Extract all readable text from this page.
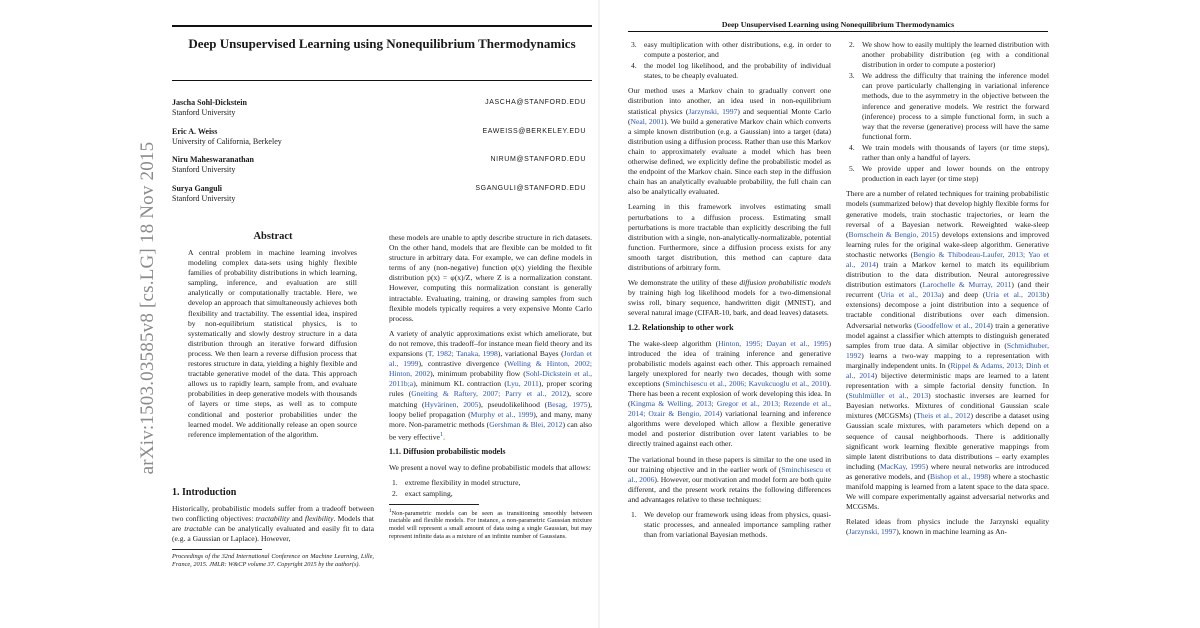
arXiv:1503.03585v8 [cs.LG] 18 Nov 2015
Deep Unsupervised Learning using Nonequilibrium Thermodynamics
Jascha Sohl-Dickstein
Stanford University
JASCHA@STANFORD.EDU
Eric A. Weiss
University of California, Berkeley
EAWEISS@BERKELEY.EDU
Niru Maheswaranathan
Stanford University
NIRUM@STANFORD.EDU
Surya Ganguli
Stanford University
SGANGULI@STANFORD.EDU
Abstract

A central problem in machine learning involves modeling complex data-sets using highly flexible families of probability distributions in which learning, sampling, inference, and evaluation are still analytically or computationally tractable. Here, we develop an approach that simultaneously achieves both flexibility and tractability. The essential idea, inspired by non-equilibrium statistical physics, is to systematically and slowly destroy structure in a data distribution through an iterative forward diffusion process. We then learn a reverse diffusion process that restores structure in data, yielding a highly flexible and tractable generative model of the data. This approach allows us to rapidly learn, sample from, and evaluate probabilities in deep generative models with thousands of layers or time steps, as well as to compute conditional and posterior probabilities under the learned model. We additionally release an open source reference implementation of the algorithm.

1. Introduction

Historically, probabilistic models suffer from a tradeoff between two conflicting objectives: tractability and flexibility. Models that are tractable can be analytically evaluated and easily fit to data (e.g. a Gaussian or Laplace). However,

Proceedings of the 32nd International Conference on Machine Learning, Lille, France, 2015. JMLR: W&CP volume 37. Copyright 2015 by the author(s).

these models are unable to aptly describe structure in rich datasets. On the other hand, models that are flexible can be molded to fit structure in arbitrary data. For example, we can define models in terms of any (non-negative) function φ(x) yielding the flexible distribution p(x) = φ(x)/Z, where Z is a normalization constant. However, computing this normalization constant is generally intractable. Evaluating, training, or drawing samples from such flexible models typically requires a very expensive Monte Carlo process.

A variety of analytic approximations exist which ameliorate, but do not remove, this tradeoff–for instance mean field theory and its expansions (T, 1982; Tanaka, 1998), variational Bayes (Jordan et al., 1999), contrastive divergence (Welling & Hinton, 2002; Hinton, 2002), minimum probability flow (Sohl-Dickstein et al., 2011b;a), minimum KL contraction (Lyu, 2011), proper scoring rules (Gneiting & Raftery, 2007; Parry et al., 2012), score matching (Hyvärinen, 2005), pseudolikelihood (Besag, 1975), loopy belief propagation (Murphy et al., 1999), and many, many more. Non-parametric methods (Gershman & Blei, 2012) can also be very effective$^1$.

1.1. Diffusion probabilistic models

We present a novel way to define probabilistic models that allows:

1. extreme flexibility in model structure,
2. exact sampling,
$^1$Non-parametric models can be seen as transitioning smoothly between tractable and flexible models. For instance, a non-parametric Gaussian mixture model will represent a small amount of data using a single Gaussian, but may represent infinite data as a mixture of an infinite number of Gaussians.
Deep Unsupervised Learning using Nonequilibrium Thermodynamics
3. easy multiplication with other distributions, e.g. in order to compute a posterior, and
4. the model log likelihood, and the probability of individual states, to be cheaply evaluated.

Our method uses a Markov chain to gradually convert one distribution into another, an idea used in non-equilibrium statistical physics (Jarzynski, 1997) and sequential Monte Carlo (Neal, 2001). We build a generative Markov chain which converts a simple known distribution (e.g. a Gaussian) into a target (data) distribution using a diffusion process. Rather than use this Markov chain to approximately evaluate a model which has been otherwise defined, we explicitly define the probabilistic model as the endpoint of the Markov chain. Since each step in the diffusion chain has an analytically evaluable probability, the full chain can also be analytically evaluated.

Learning in this framework involves estimating small perturbations to a diffusion process. Estimating small perturbations is more tractable than explicitly describing the full distribution with a single, non-analytically-normalizable, potential function. Furthermore, since a diffusion process exists for any smooth target distribution, this method can capture data distributions of arbitrary form.

We demonstrate the utility of these diffusion probabilistic models by training high log likelihood models for a two-dimensional swiss roll, binary sequence, handwritten digit (MNIST), and several natural image (CIFAR-10, bark, and dead leaves) datasets.

1.2. Relationship to other work

The wake-sleep algorithm (Hinton, 1995; Dayan et al., 1995) introduced the idea of training inference and generative probabilistic models against each other. This approach remained largely unexplored for nearly two decades, though with some exceptions (Sminchisescu et al., 2006; Kavukcuoglu et al., 2010). There has been a recent explosion of work developing this idea. In (Kingma & Welling, 2013; Gregor et al., 2013; Rezende et al., 2014; Ozair & Bengio, 2014) variational learning and inference algorithms were developed which allow a flexible generative model and posterior distribution over latent variables to be directly trained against each other.

The variational bound in these papers is similar to the one used in our training objective and in the earlier work of (Sminchisescu et al., 2006). However, our motivation and model form are both quite different, and the present work retains the following differences and advantages relative to these techniques:

1. We develop our framework using ideas from physics, quasi-static processes, and annealed importance sampling rather than from variational Bayesian methods.
2. We show how to easily multiply the learned distribution with another probability distribution (eg with a conditional distribution in order to compute a posterior)
3. We address the difficulty that training the inference model can prove particularly challenging in variational inference methods, due to the asymmetry in the objective between the inference and generative models. We restrict the forward (inference) process to a simple functional form, in such a way that the reverse (generative) process will have the same functional form.
4. We train models with thousands of layers (or time steps), rather than only a handful of layers.
5. We provide upper and lower bounds on the entropy production in each layer (or time step)

There are a number of related techniques for training probabilistic models (summarized below) that develop highly flexible forms for generative models, train stochastic trajectories, or learn the reversal of a Bayesian network. Reweighted wake-sleep (Bornschein & Bengio, 2015) develops extensions and improved learning rules for the original wake-sleep algorithm. Generative stochastic networks (Bengio & Thibodeau-Laufer, 2013; Yao et al., 2014) train a Markov kernel to match its equilibrium distribution to the data distribution. Neural autoregressive distribution estimators (Larochelle & Murray, 2011) (and their recurrent (Uria et al., 2013a) and deep (Uria et al., 2013b) extensions) decompose a joint distribution into a sequence of tractable conditional distributions over each dimension. Adversarial networks (Goodfellow et al., 2014) train a generative model against a classifier which attempts to distinguish generated samples from true data. A similar objective in (Schmidhuber, 1992) learns a two-way mapping to a representation with marginally independent units. In (Rippel & Adams, 2013; Dinh et al., 2014) bijective deterministic maps are learned to a latent representation with a simple factorial density function. In (Stuhlmüller et al., 2013) stochastic inverses are learned for Bayesian networks. Mixtures of conditional Gaussian scale mixtures (MCGSMs) (Theis et al., 2012) describe a dataset using Gaussian scale mixtures, with parameters which depend on a sequence of causal neighborhoods. There is additionally significant work learning flexible generative mappings from simple latent distributions to data distributions – early examples including (MacKay, 1995) where neural networks are introduced as generative models, and (Bishop et al., 1998) where a stochastic manifold mapping is learned from a latent space to the data space. We will compare experimentally against adversarial networks and MCGSMs.

Related ideas from physics include the Jarzynski equality (Jarzynski, 1997), known in machine learning as An-
